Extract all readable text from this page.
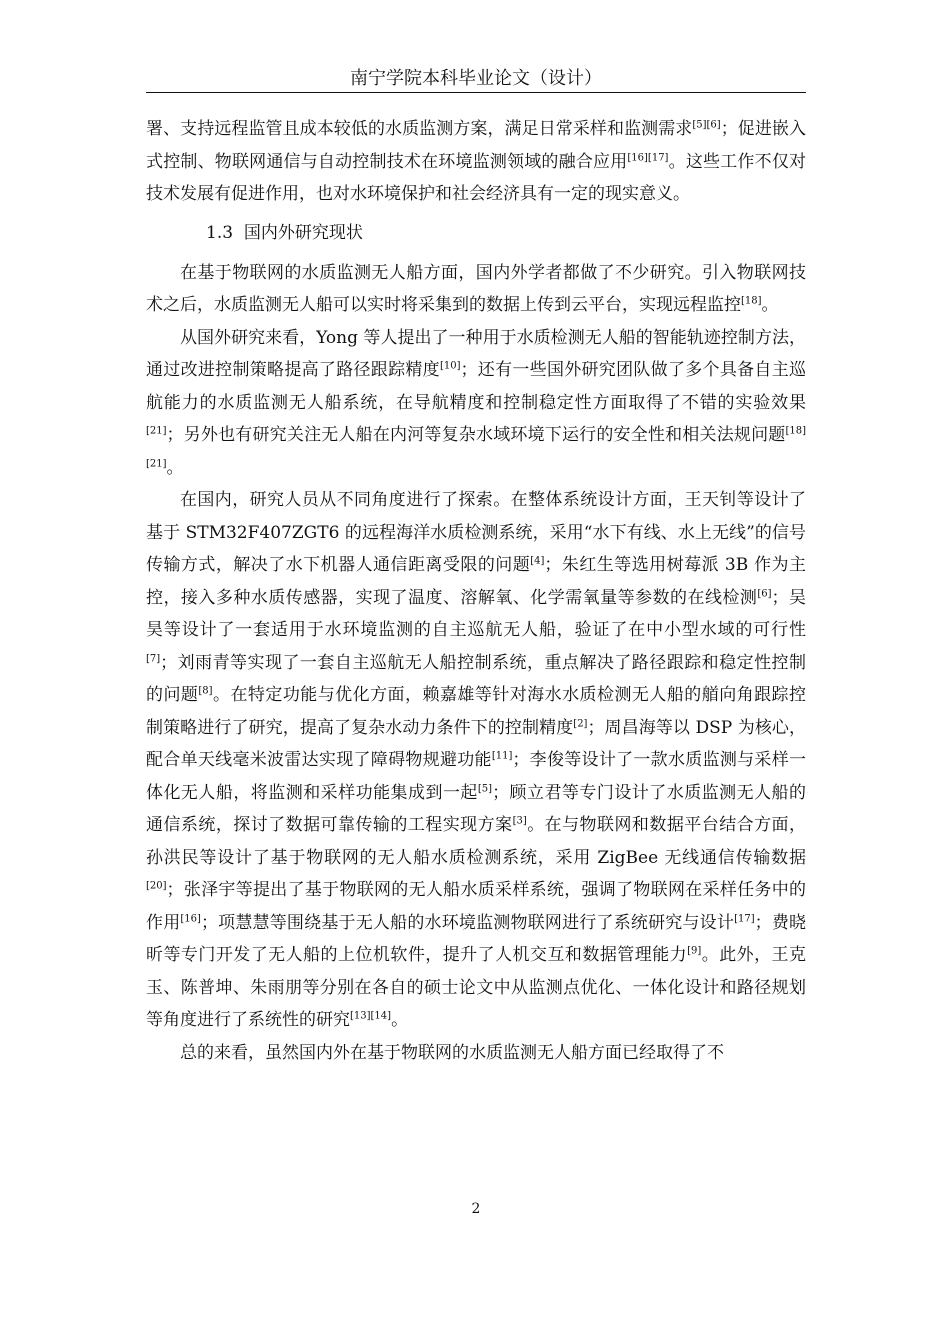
南宁学院本科毕业论文（设计）

署、支持远程监管且成本较低的水质监测方案，满足日常采样和监测需求[5][6]；促进嵌入式控制、物联网通信与自动控制技术在环境监测领域的融合应用[16][17]。这些工作不仅对技术发展有促进作用，也对水环境保护和社会经济具有一定的现实意义。

1.3 国内外研究现状

在基于物联网的水质监测无人船方面，国内外学者都做了不少研究。引入物联网技术之后，水质监测无人船可以实时将采集到的数据上传到云平台，实现远程监控[18]。

从国外研究来看，Yong 等人提出了一种用于水质检测无人船的智能轨迹控制方法，通过改进控制策略提高了路径跟踪精度[10]；还有一些国外研究团队做了多个具备自主巡航能力的水质监测无人船系统，在导航精度和控制稳定性方面取得了不错的实验效果[21]；另外也有研究关注无人船在内河等复杂水域环境下运行的安全性和相关法规问题[18][21]。

在国内，研究人员从不同角度进行了探索。在整体系统设计方面，王天钊等设计了基于 STM32F407ZGT6 的远程海洋水质检测系统，采用“水下有线、水上无线”的信号传输方式，解决了水下机器人通信距离受限的问题[4]；朱红生等选用树莓派 3B 作为主控，接入多种水质传感器，实现了温度、溶解氧、化学需氧量等参数的在线检测[6]；吴昊等设计了一套适用于水环境监测的自主巡航无人船，验证了在中小型水域的可行性[7]；刘雨青等实现了一套自主巡航无人船控制系统，重点解决了路径跟踪和稳定性控制的问题[8]。在特定功能与优化方面，赖嘉雄等针对海水水质检测无人船的艏向角跟踪控制策略进行了研究，提高了复杂水动力条件下的控制精度[2]；周昌海等以 DSP 为核心，配合单天线毫米波雷达实现了障碍物规避功能[11]；李俊等设计了一款水质监测与采样一体化无人船，将监测和采样功能集成到一起[5]；顾立君等专门设计了水质监测无人船的通信系统，探讨了数据可靠传输的工程实现方案[3]。在与物联网和数据平台结合方面，孙洪民等设计了基于物联网的无人船水质检测系统，采用 ZigBee 无线通信传输数据[20]；张泽宇等提出了基于物联网的无人船水质采样系统，强调了物联网在采样任务中的作用[16]；项慧慧等围绕基于无人船的水环境监测物联网进行了系统研究与设计[17]；费晓昕等专门开发了无人船的上位机软件，提升了人机交互和数据管理能力[9]。此外，王克玉、陈普坤、朱雨朋等分别在各自的硕士论文中从监测点优化、一体化设计和路径规划等角度进行了系统性的研究[13][14]。

总的来看，虽然国内外在基于物联网的水质监测无人船方面已经取得了不

2
